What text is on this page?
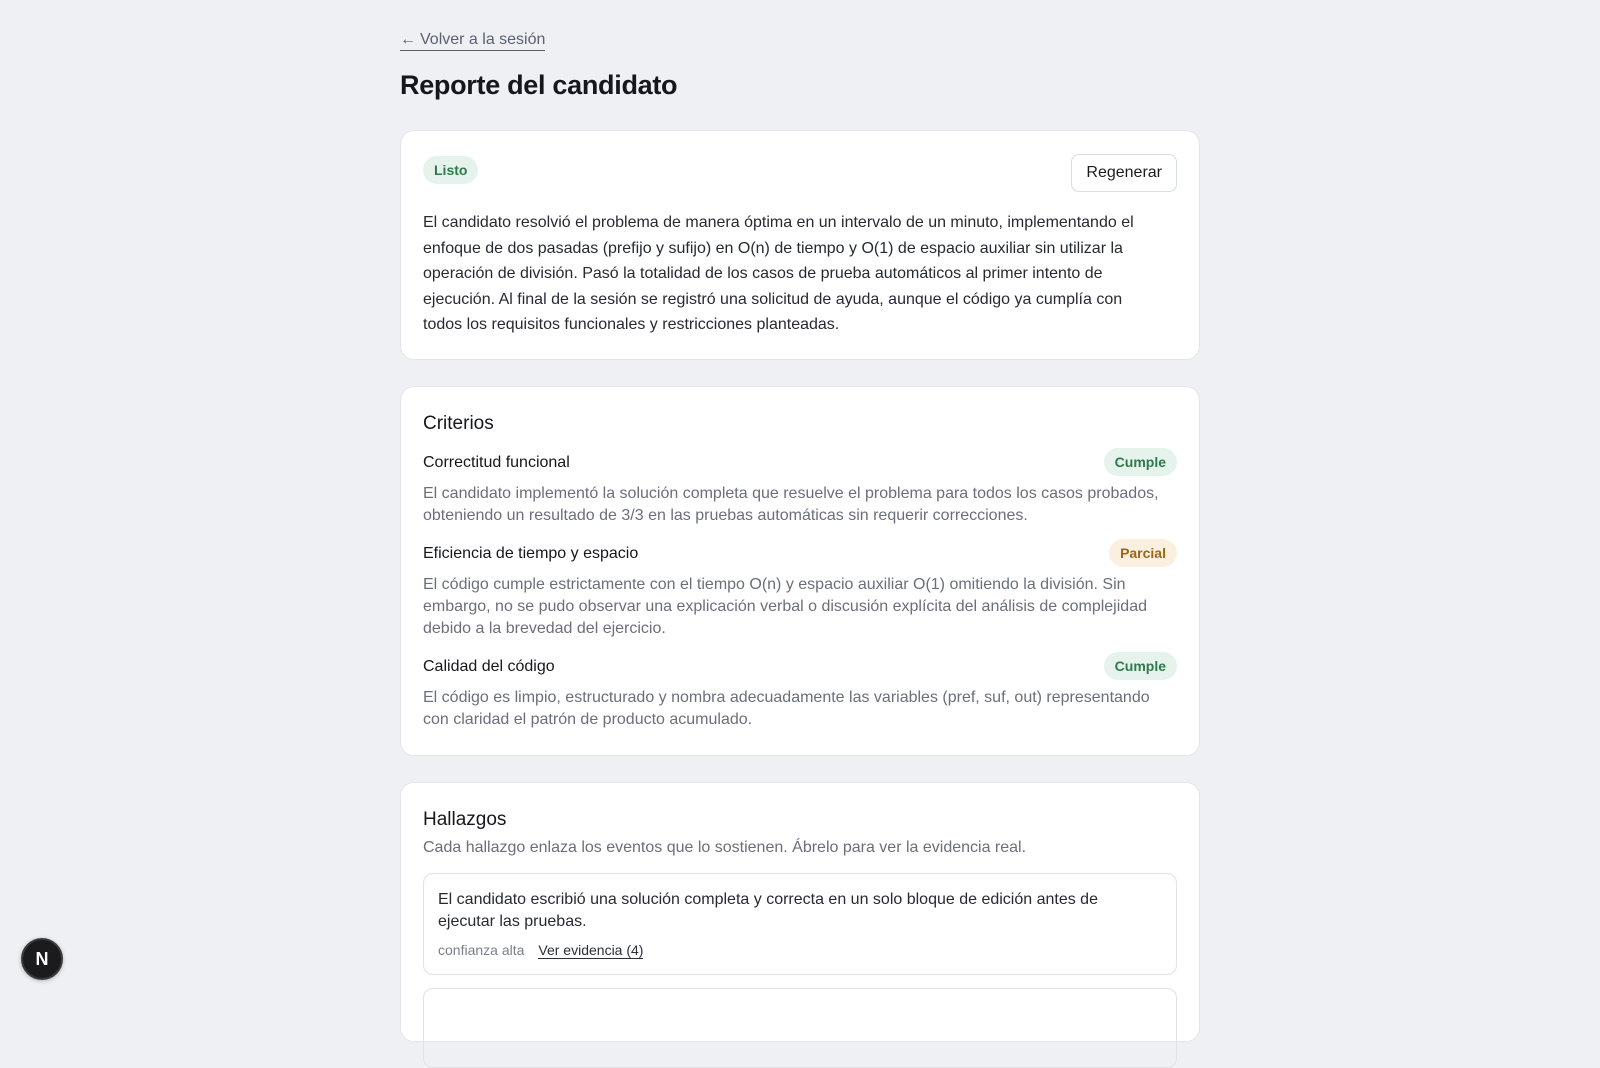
← Volver a la sesión
Reporte del candidato
Listo	Regenerar

El candidato resolvió el problema de manera óptima en un intervalo de un minuto, implementando el enfoque de dos pasadas (prefijo y sufijo) en O(n) de tiempo y O(1) de espacio auxiliar sin utilizar la operación de división. Pasó la totalidad de los casos de prueba automáticos al primer intento de ejecución. Al final de la sesión se registró una solicitud de ayuda, aunque el código ya cumplía con todos los requisitos funcionales y restricciones planteadas.

Criterios
Correctitud funcional	Cumple

El candidato implementó la solución completa que resuelve el problema para todos los casos probados, obteniendo un resultado de 3/3 en las pruebas automáticas sin requerir correcciones.

Eficiencia de tiempo y espacio	Parcial

El código cumple estrictamente con el tiempo O(n) y espacio auxiliar O(1) omitiendo la división. Sin embargo, no se pudo observar una explicación verbal o discusión explícita del análisis de complejidad debido a la brevedad del ejercicio.

Calidad del código	Cumple

El código es limpio, estructurado y nombra adecuadamente las variables (pref, suf, out) representando con claridad el patrón de producto acumulado.

Hallazgos

Cada hallazgo enlaza los eventos que lo sostienen. Ábrelo para ver la evidencia real.

El candidato escribió una solución completa y correcta en un solo bloque de edición antes de ejecutar las pruebas.

confianza alta Ver evidencia (4)
N
